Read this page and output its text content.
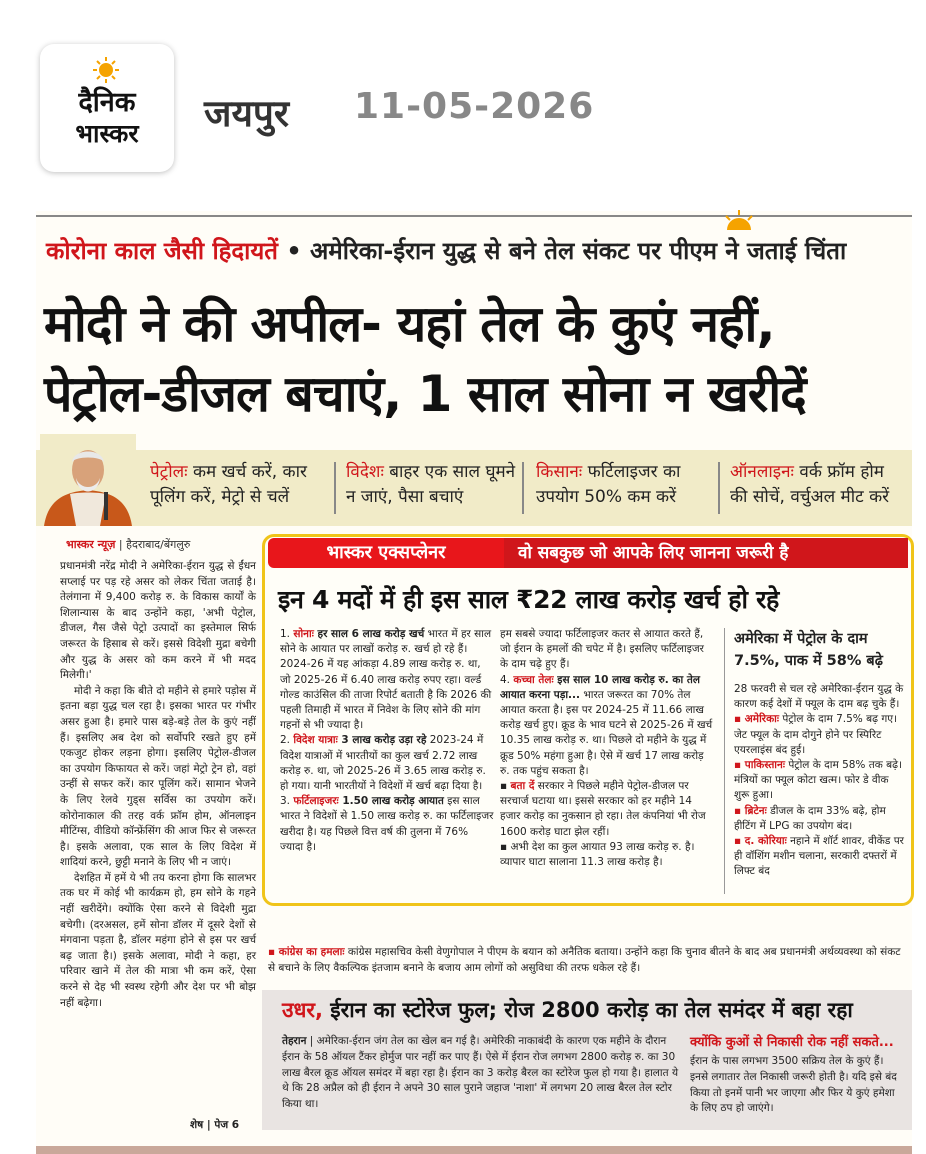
दैनिक
भास्कर	जयपुर 11-05-2026
कोरोना काल जैसी हिदायतें • अमेरिका-ईरान युद्ध से बने तेल संकट पर पीएम ने जताई चिंता
मोदी ने की अपील- यहां तेल के कुएं नहीं,
पेट्रोल-डीजल बचाएं, 1 साल सोना न खरीदें
पेट्रोलः कम खर्च करें, कार पूलिंग करें, मेट्रो से चलें
विदेशः बाहर एक साल घूमने न जाएं, पैसा बचाएं
किसानः फर्टिलाइजर का उपयोग 50% कम करें
ऑनलाइनः वर्क फ्रॉम होम की सोचें, वर्चुअल मीट करें
भास्कर न्यूज़ | हैदराबाद/बेंगलुरु

प्रधानमंत्री नरेंद्र मोदी ने अमेरिका-ईरान युद्ध से ईंधन सप्लाई पर पड़ रहे असर को लेकर चिंता जताई है। तेलंगाना में 9,400 करोड़ रु. के विकास कार्यों के शिलान्यास के बाद उन्होंने कहा, 'अभी पेट्रोल, डीजल, गैस जैसे पेट्रो उत्पादों का इस्तेमाल सिर्फ जरूरत के हिसाब से करें। इससे विदेशी मुद्रा बचेगी और युद्ध के असर को कम करने में भी मदद मिलेगी।'

मोदी ने कहा कि बीते दो महीने से हमारे पड़ोस में इतना बड़ा युद्ध चल रहा है। इसका भारत पर गंभीर असर हुआ है। हमारे पास बड़े-बड़े तेल के कुएं नहीं हैं। इसलिए अब देश को सर्वोपरि रखते हुए हमें एकजुट होकर लड़ना होगा। इसलिए पेट्रोल-डीजल का उपयोग किफायत से करें। जहां मेट्रो ट्रेन हो, वहां उन्हीं से सफर करें। कार पूलिंग करें। सामान भेजने के लिए रेलवे गुड्स सर्विस का उपयोग करें। कोरोनाकाल की तरह वर्क फ्रॉम होम, ऑनलाइन मीटिंग्स, वीडियो कॉन्फ्रेंसिंग की आज फिर से जरूरत है। इसके अलावा, एक साल के लिए विदेश में शादियां करने, छुट्टी मनाने के लिए भी न जाएं।

देशहित में हमें ये भी तय करना होगा कि सालभर तक घर में कोई भी कार्यक्रम हो, हम सोने के गहने नहीं खरीदेंगे। क्योंकि ऐसा करने से विदेशी मुद्रा बचेगी। (दरअसल, हमें सोना डॉलर में दूसरे देशों से मंगवाना पड़ता है, डॉलर महंगा होने से इस पर खर्च बढ़ जाता है।) इसके अलावा, मोदी ने कहा, हर परिवार खाने में तेल की मात्रा भी कम करें, ऐसा करने से देह भी स्वस्थ रहेगी और देश पर भी बोझ नहीं बढ़ेगा।

शेष | पेज 6
भास्कर एक्सप्लेनर	वो सबकुछ जो आपके लिए जानना जरूरी है
इन 4 मदों में ही इस साल ₹22 लाख करोड़ खर्च हो रहे

1. सोनाः हर साल 6 लाख करोड़ खर्च भारत में हर साल सोने के आयात पर लाखों करोड़ रु. खर्च हो रहे हैं। 2024-26 में यह आंकड़ा 4.89 लाख करोड़ रु. था, जो 2025-26 में 6.40 लाख करोड़ रुपए रहा। वर्ल्ड गोल्ड काउंसिल की ताजा रिपोर्ट बताती है कि 2026 की पहली तिमाही में भारत में निवेश के लिए सोने की मांग गहनों से भी ज्यादा है।

2. विदेश यात्राः 3 लाख करोड़ उड़ा रहे 2023-24 में विदेश यात्राओं में भारतीयों का कुल खर्च 2.72 लाख करोड़ रु. था, जो 2025-26 में 3.65 लाख करोड़ रु. हो गया। यानी भारतीयों ने विदेशों में खर्च बढ़ा दिया है।

3. फर्टिलाइजरः 1.50 लाख करोड़ आयात इस साल भारत ने विदेशों से 1.50 लाख करोड़ रु. का फर्टिलाइजर खरीदा है। यह पिछले वित्त वर्ष की तुलना में 76% ज्यादा है।

हम सबसे ज्यादा फर्टिलाइजर कतर से आयात करते हैं, जो ईरान के हमलों की चपेट में है। इसलिए फर्टिलाइजर के दाम चढ़े हुए हैं।

4. कच्चा तेलः इस साल 10 लाख करोड़ रु. का तेल आयात करना पड़ा... भारत जरूरत का 70% तेल आयात करता है। इस पर 2024-25 में 11.66 लाख करोड़ खर्च हुए। क्रूड के भाव घटने से 2025-26 में खर्च 10.35 लाख करोड़ रु. था। पिछले दो महीने के युद्ध में क्रूड 50% महंगा हुआ है। ऐसे में खर्च 17 लाख करोड़ रु. तक पहुंच सकता है।

▪ बता दें सरकार ने पिछले महीने पेट्रोल-डीजल पर सरचार्ज घटाया था। इससे सरकार को हर महीने 14 हजार करोड़ का नुकसान हो रहा। तेल कंपनियां भी रोज 1600 करोड़ घाटा झेल रहीं।

▪ अभी देश का कुल आयात 93 लाख करोड़ रु. है। व्यापार घाटा सालाना 11.3 लाख करोड़ है।

अमेरिका में पेट्रोल के दाम 7.5%, पाक में 58% बढ़े

28 फरवरी से चल रहे अमेरिका-ईरान युद्ध के कारण कई देशों में फ्यूल के दाम बढ़ चुके हैं।

▪ अमेरिकाः पेट्रोल के दाम 7.5% बढ़ गए। जेट फ्यूल के दाम दोगुने होने पर स्पिरिट एयरलाइंस बंद हुई।

▪ पाकिस्तानः पेट्रोल के दाम 58% तक बढ़े। मंत्रियों का फ्यूल कोटा खत्म। फोर डे वीक शुरू हुआ।

▪ ब्रिटेनः डीजल के दाम 33% बढ़े, होम हीटिंग में LPG का उपयोग बंद।

▪ द. कोरियाः नहाने में शॉर्ट शावर, वीकेंड पर ही वॉशिंग मशीन चलाना, सरकारी दफ्तरों में लिफ्ट बंद

▪ कांग्रेस का हमलाः कांग्रेस महासचिव केसी वेणुगोपाल ने पीएम के बयान को अनैतिक बताया। उन्होंने कहा कि चुनाव बीतने के बाद अब प्रधानमंत्री अर्थव्यवस्था को संकट से बचाने के लिए वैकल्पिक इंतजाम बनाने के बजाय आम लोगों को असुविधा की तरफ धकेल रहे हैं।
उधर, ईरान का स्टोरेज फुल; रोज 2800 करोड़ का तेल समंदर में बहा रहा
तेहरान | अमेरिका-ईरान जंग तेल का खेल बन गई है। अमेरिकी नाकाबंदी के कारण एक महीने के दौरान ईरान के 58 ऑयल टैंकर होर्मुज पार नहीं कर पाए हैं। ऐसे में ईरान रोज लगभग 2800 करोड़ रु. का 30 लाख बैरल क्रूड ऑयल समंदर में बहा रहा है। ईरान का 3 करोड़ बैरल का स्टोरेज फुल हो गया है। हालात ये थे कि 28 अप्रैल को ही ईरान ने अपने 30 साल पुराने जहाज 'नाशा' में लगभग 20 लाख बैरल तेल स्टोर किया था।
क्योंकि कुओं से निकासी रोक नहीं सकते...
ईरान के पास लगभग 3500 सक्रिय तेल के कुएं हैं। इनसे लगातार तेल निकासी जरूरी होती है। यदि इसे बंद किया तो इनमें पानी भर जाएगा और फिर ये कुएं हमेशा के लिए ठप हो जाएंगे।
